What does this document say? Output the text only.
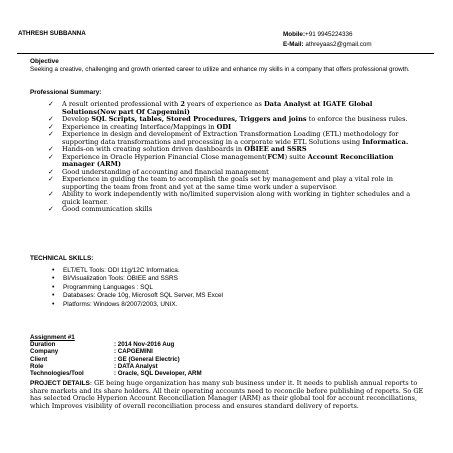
ATHRESH SUBBANNA	Mobile:+91 9945224336
E-Mail: athreyaas2@gmail.com
Objective
Seeking a creative, challenging and growth oriented career to utilize and enhance my skills in a company that offers professional growth.
Professional Summary:
✓ A result oriented professional with 2 years of experience as Data Analyst at IGATE Global Solutions(Now part Of Capgemini)
✓ Develop SQL Scripts, tables, Stored Procedures, Triggers and joins to enforce the business rules.
✓ Experience in creating Interface/Mappings in ODI
✓ Experience in design and development of Extraction Transformation Loading (ETL) methodology for supporting data transformations and processing in a corporate wide ETL Solutions using Informatica.
✓ Hands-on with creating solution driven dashboards in OBIEE and SSRS
✓ Experience in Oracle Hyperion Financial Close management(FCM) suite Account Reconciliation manager (ARM)
✓ Good understanding of accounting and financial management
✓ Experience in guiding the team to accomplish the goals set by management and play a vital role in supporting the team from front and yet at the same time work under a supervisor.
✓ Ability to work independently with no/limited supervision along with working in tighter schedules and a quick learner.
✓ Good communication skills
TECHNICAL SKILLS:
• ELT/ETL Tools: ODI 11g/12C Informatica.
• BI/Visualization Tools: OBIEE and SSRS
• Programming Languages : SQL
• Databases: Oracle 10g, Microsoft SQL Server, MS Excel
• Platforms: Windows 8/2007/2003, UNIX.
Assignment #1
Duration	: 2014 Nov-2016 Aug
Company	: CAPGEMINI
Client	: GE (General Electric)
Role	: DATA Analyst
Technologies/Tool	: Oracle, SQL Developer, ARM
PROJECT DETAILS: GE being huge organization has many sub business under it. It needs to publish annual reports to share markets and its share holders. All their operating accounts need to reconcile before publishing of reports. So GE has selected Oracle Hyperion Account Reconciliation Manager (ARM) as their global tool for account reconciliations, which Improves visibility of overall reconciliation process and ensures standard delivery of reports.
